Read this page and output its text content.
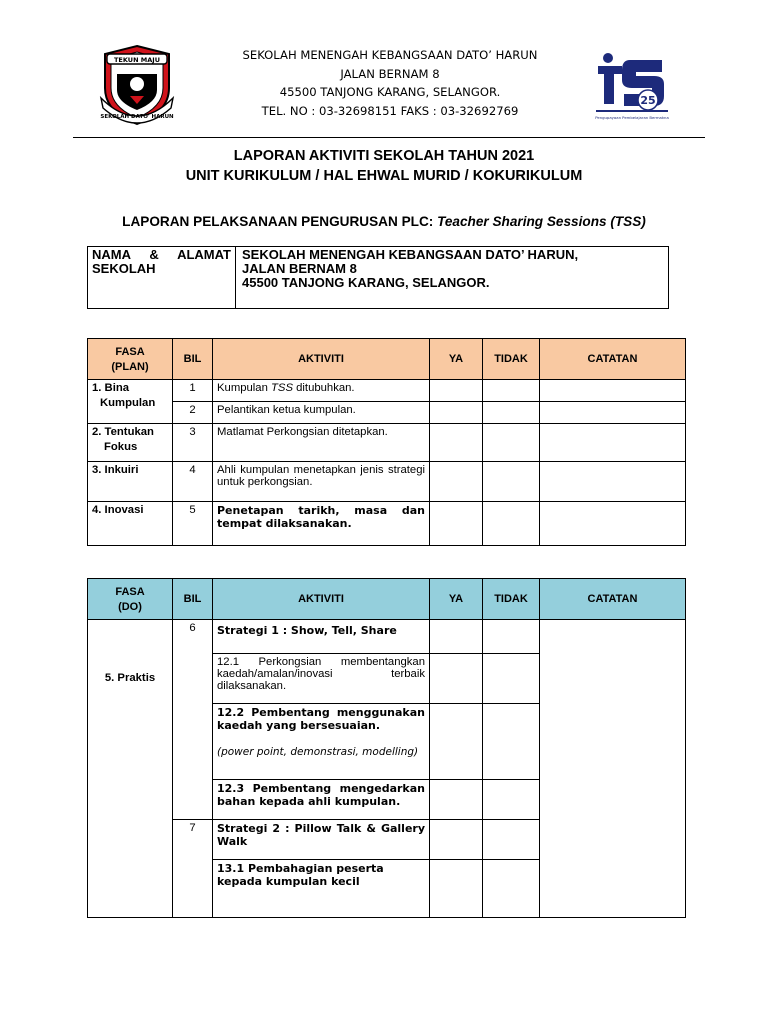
TEKUN MAJU
SEKOLAH DATO' HARUN
SEKOLAH MENENGAH KEBANGSAAN DATO’ HARUN
JALAN BERNAM 8
45500 TANJONG KARANG, SELANGOR.
TEL. NO : 03-32698151 FAKS : 03-32692769
25
Pengupayaan Pembelajaran Bermakna
LAPORAN AKTIVITI SEKOLAH TAHUN 2021
UNIT KURIKULUM / HAL EHWAL MURID / KOKURIKULUM
LAPORAN PELAKSANAAN PENGURUSAN PLC: Teacher Sharing Sessions (TSS)
NAMA & ALAMAT
SEKOLAH
SEKOLAH MENENGAH KEBANGSAAN DATO’ HARUN,
JALAN BERNAM 8
45500 TANJONG KARANG, SELANGOR.
FASA
(PLAN)	BIL	AKTIVITI	YA	TIDAK	CATATAN

1. Bina
Kumpulan	1	Kumpulan TSS ditubuhkan.			
	2	Pelantikan ketua kumpulan.			

2. Tentukan
Fokus	3	Matlamat Perkongsian ditetapkan.			
3. Inkuiri	4	Ahli kumpulan menetapkan jenis strategi untuk perkongsian.			
4. Inovasi	5	Penetapan tarikh, masa dan tempat dilaksanakan.			
FASA
(DO)	BIL	AKTIVITI	YA	TIDAK	CATATAN
5. Praktis	6	Strategi 1 : Show, Tell, Share			
		12.1 Perkongsian membentangkan kaedah/amalan/inovasi terbaik dilaksanakan.			

		12.2 Pembentang menggunakan kaedah yang bersesuaian.
(power point, demonstrasi, modelling)			

		12.3 Pembentang mengedarkan bahan kepada ahli kumpulan.			
	7	Strategi 2 : Pillow Talk & Gallery Walk			
		13.1 Pembahagian peserta kepada kumpulan kecil			
